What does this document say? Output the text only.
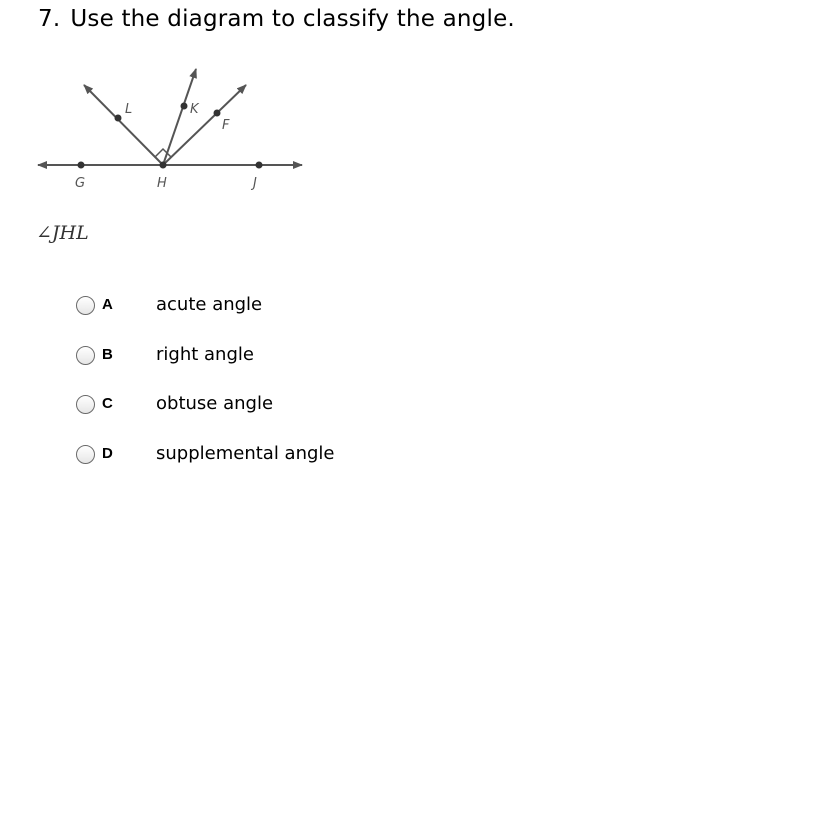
7. Use the diagram to classify the angle.
G	H	J
L	K
F
∠JHL
A acute angle
B right angle
C obtuse angle
D supplemental angle
